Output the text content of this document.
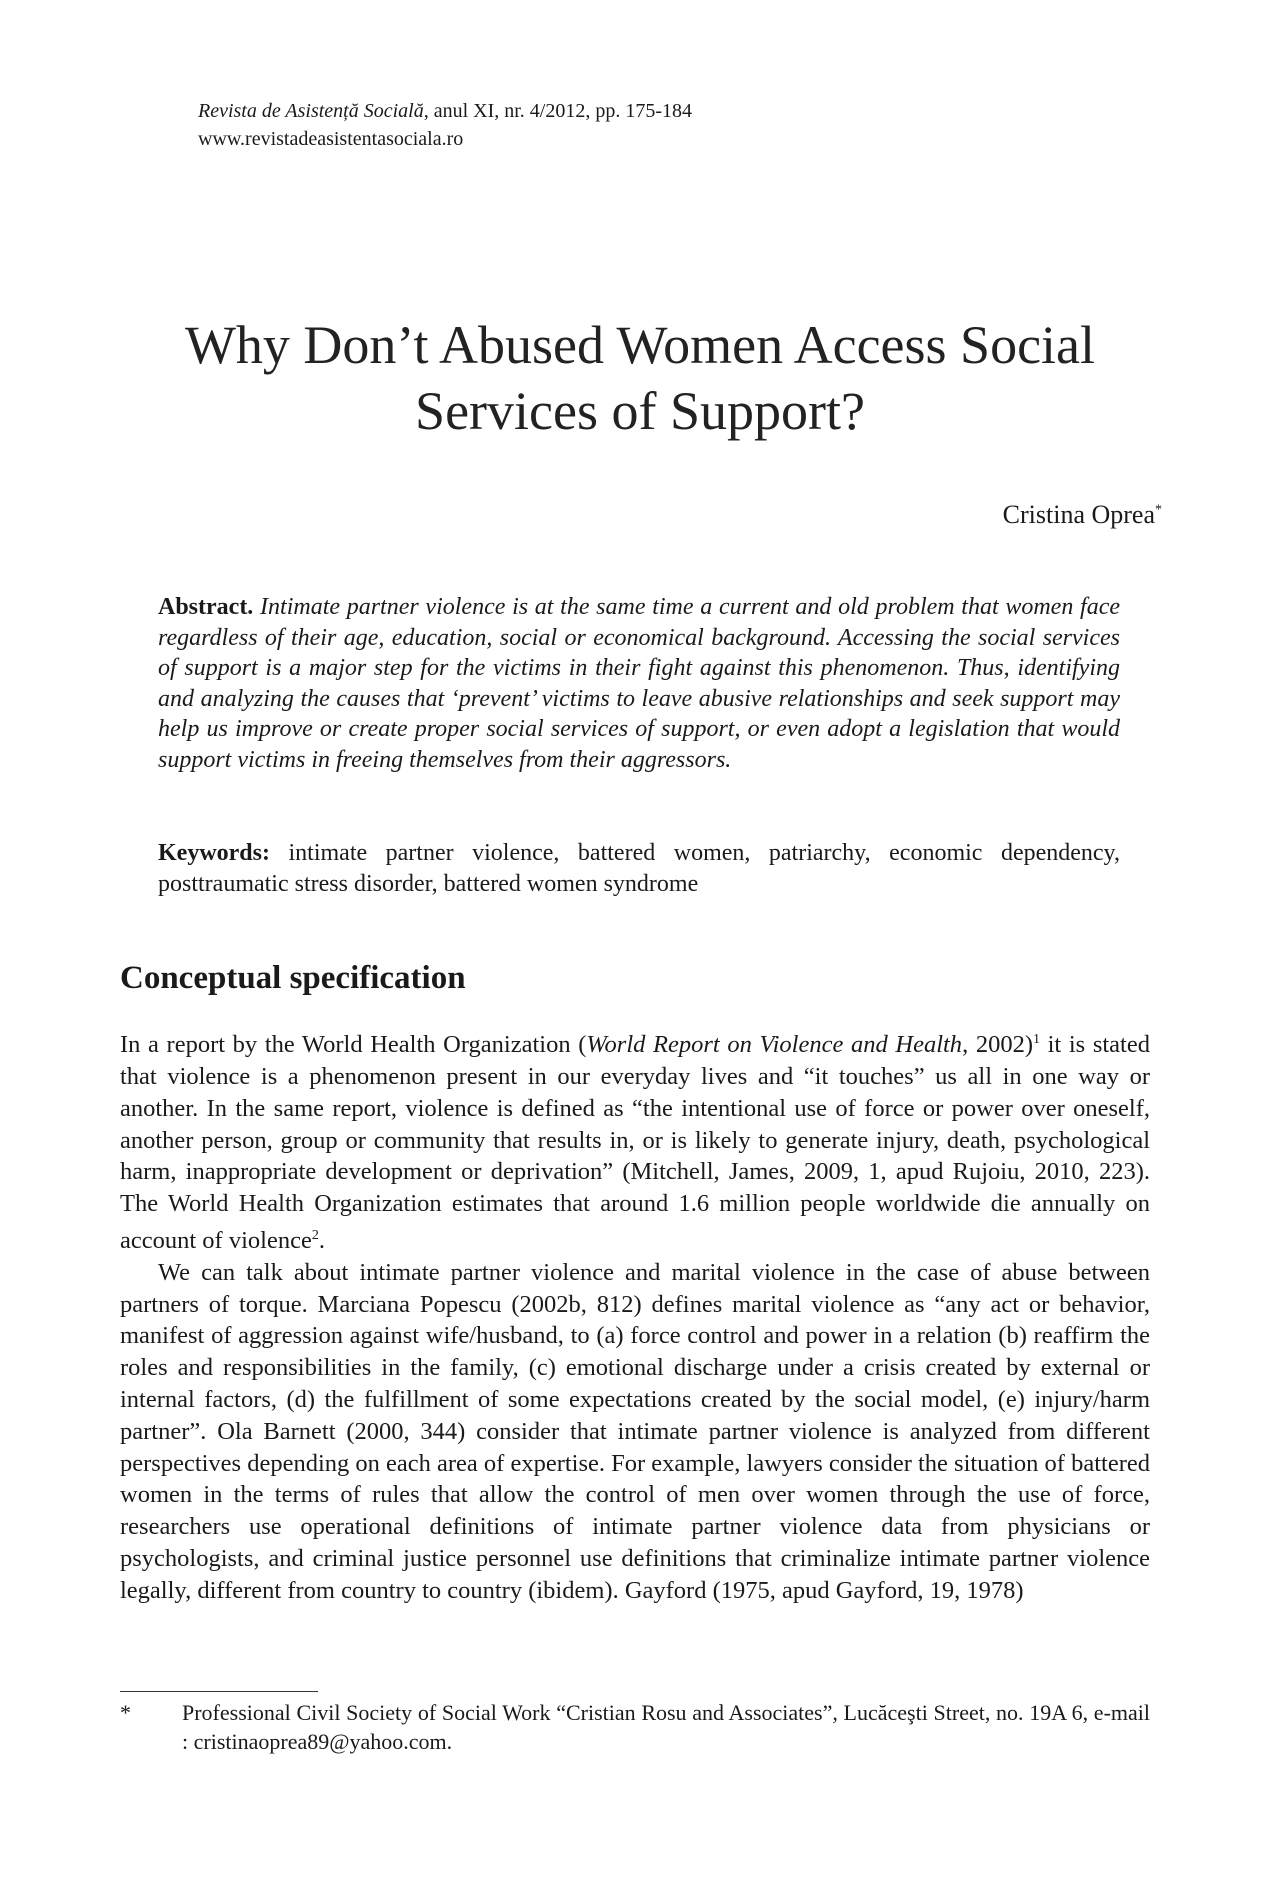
Revista de Asistență Socială, anul XI, nr. 4/2012, pp. 175-184
www.revistadeasistentasociala.ro
Why Don’t Abused Women Access Social
Services of Support?
Cristina Oprea*
Abstract. Intimate partner violence is at the same time a current and old problem that women face regardless of their age, education, social or economical background. Accessing the social services of support is a major step for the victims in their fight against this phenomenon. Thus, identifying and analyzing the causes that ‘prevent’ victims to leave abusive relationships and seek support may help us improve or create proper social services of support, or even adopt a legislation that would support victims in freeing themselves from their aggressors.
Keywords: intimate partner violence, battered women, patriarchy, economic dependency, posttraumatic stress disorder, battered women syndrome
Conceptual specification

In a report by the World Health Organization (World Report on Violence and Health, 2002)$^1$ it is stated that violence is a phenomenon present in our everyday lives and “it touches” us all in one way or another. In the same report, violence is defined as “the intentional use of force or power over oneself, another person, group or community that results in, or is likely to generate injury, death, psychological harm, inappropriate development or deprivation” (Mitchell, James, 2009, 1, apud Rujoiu, 2010, 223). The World Health Organization estimates that around 1.6 million people worldwide die annually on account of violence$^2$.

We can talk about intimate partner violence and marital violence in the case of abuse between partners of torque. Marciana Popescu (2002b, 812) defines marital violence as “any act or behavior, manifest of aggression against wife/husband, to (a) force control and power in a relation (b) reaffirm the roles and responsibilities in the family, (c) emotional discharge under a crisis created by external or internal factors, (d) the fulfillment of some expectations created by the social model, (e) injury/harm partner”. Ola Barnett (2000, 344) consider that intimate partner violence is analyzed from different perspectives depending on each area of expertise. For example, lawyers consider the situation of battered women in the terms of rules that allow the control of men over women through the use of force, researchers use operational definitions of intimate partner violence data from physicians or psychologists, and criminal justice personnel use definitions that criminalize intimate partner violence legally, different from country to country (ibidem). Gayford (1975, apud Gayford, 19, 1978)

*	Professional Civil Society of Social Work “Cristian Rosu and Associates”, Lucăceşti Street, no. 19A 6, e-mail : cristinaoprea89@yahoo.com.
